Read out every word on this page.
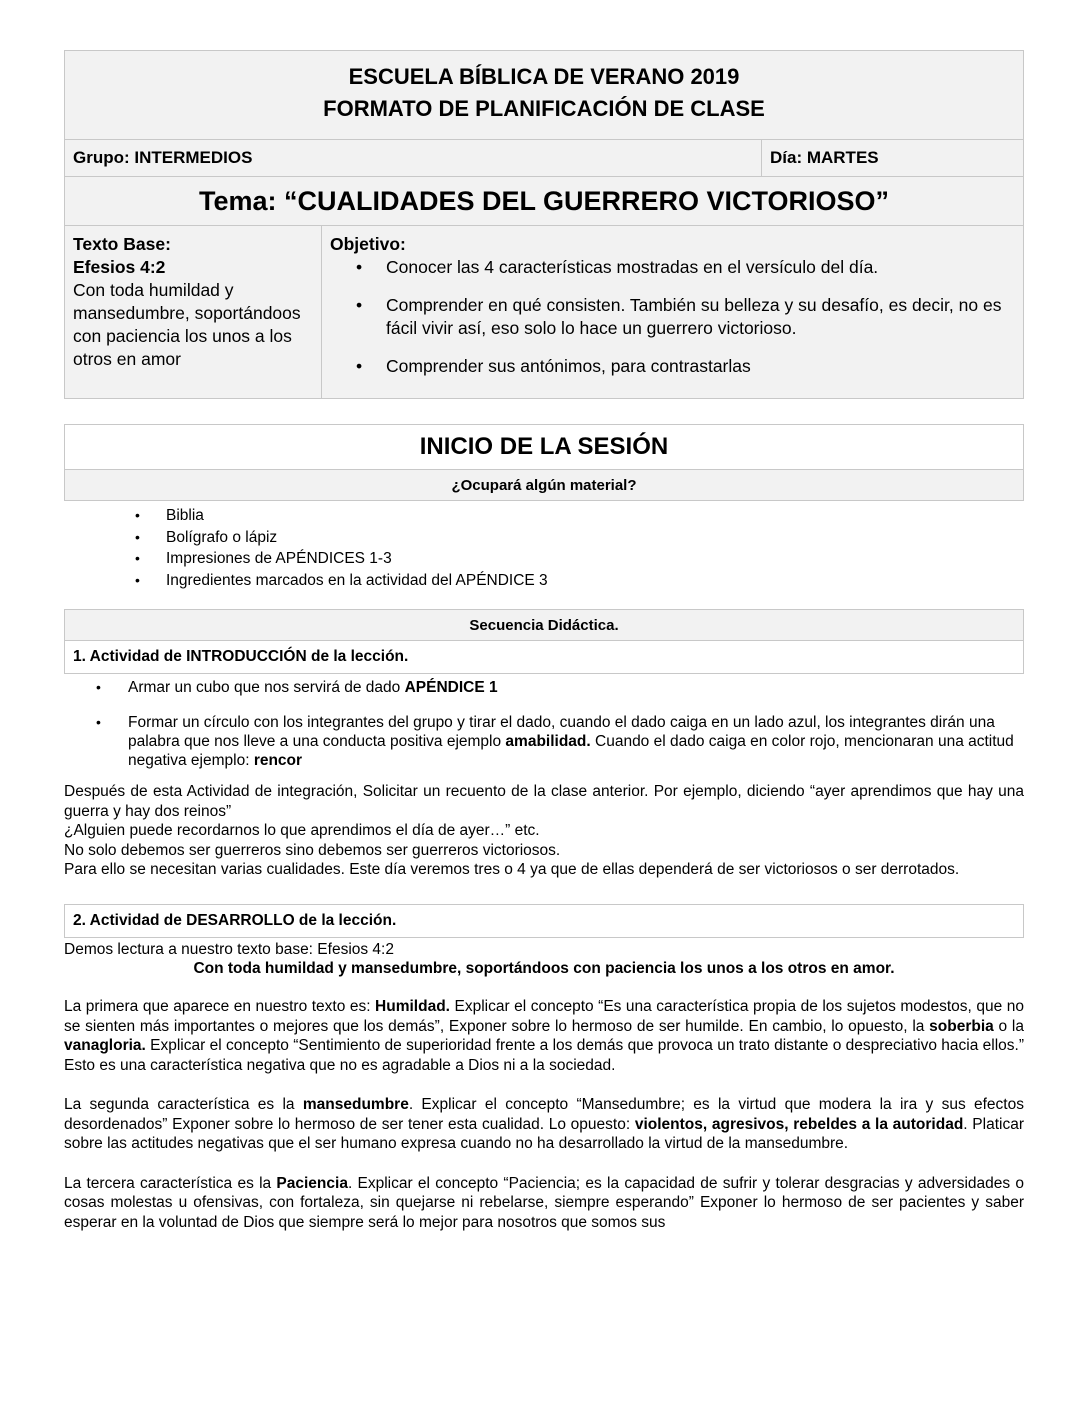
ESCUELA BÍBLICA DE VERANO 2019
FORMATO DE PLANIFICACIÓN DE CLASE

Grupo: INTERMEDIOS	Día: MARTES
Tema: “CUALIDADES DEL GUERRERO VICTORIOSO”
Texto Base:
Efesios 4:2
Con toda humildad y mansedumbre, soportándoos con paciencia los unos a los otros en amor

Objetivo:
• Conocer las 4 características mostradas en el versículo del día.
• Comprender en qué consisten. También su belleza y su desafío, es decir, no es fácil vivir así, eso solo lo hace un guerrero victorioso.
• Comprender sus antónimos, para contrastarlas
INICIO DE LA SESIÓN
¿Ocupará algún material?
• Biblia
• Bolígrafo o lápiz
• Impresiones de APÉNDICES 1-3
• Ingredientes marcados en la actividad del APÉNDICE 3
Secuencia Didáctica.
1. Actividad de INTRODUCCIÓN de la lección.
• Armar un cubo que nos servirá de dado APÉNDICE 1
• Formar un círculo con los integrantes del grupo y tirar el dado, cuando el dado caiga en un lado azul, los integrantes dirán una palabra que nos lleve a una conducta positiva ejemplo amabilidad. Cuando el dado caiga en color rojo, mencionaran una actitud negativa ejemplo: rencor

Después de esta Actividad de integración, Solicitar un recuento de la clase anterior. Por ejemplo, diciendo “ayer aprendimos que hay una guerra y hay dos reinos”

¿Alguien puede recordarnos lo que aprendimos el día de ayer…” etc.

No solo debemos ser guerreros sino debemos ser guerreros victoriosos.

Para ello se necesitan varias cualidades. Este día veremos tres o 4 ya que de ellas dependerá de ser victoriosos o ser derrotados.

2. Actividad de DESARROLLO de la lección.

Demos lectura a nuestro texto base: Efesios 4:2

Con toda humildad y mansedumbre, soportándoos con paciencia los unos a los otros en amor.

La primera que aparece en nuestro texto es: Humildad. Explicar el concepto “Es una característica propia de los sujetos modestos, que no se sienten más importantes o mejores que los demás”, Exponer sobre lo hermoso de ser humilde. En cambio, lo opuesto, la soberbia o la vanagloria. Explicar el concepto “Sentimiento de superioridad frente a los demás que provoca un trato distante o despreciativo hacia ellos.” Esto es una característica negativa que no es agradable a Dios ni a la sociedad.

La segunda característica es la mansedumbre. Explicar el concepto “Mansedumbre; es la virtud que modera la ira y sus efectos desordenados” Exponer sobre lo hermoso de ser tener esta cualidad. Lo opuesto: violentos, agresivos, rebeldes a la autoridad. Platicar sobre las actitudes negativas que el ser humano expresa cuando no ha desarrollado la virtud de la mansedumbre.

La tercera característica es la Paciencia. Explicar el concepto “Paciencia; es la capacidad de sufrir y tolerar desgracias y adversidades o cosas molestas u ofensivas, con fortaleza, sin quejarse ni rebelarse, siempre esperando” Exponer lo hermoso de ser pacientes y saber esperar en la voluntad de Dios que siempre será lo mejor para nosotros que somos sus
